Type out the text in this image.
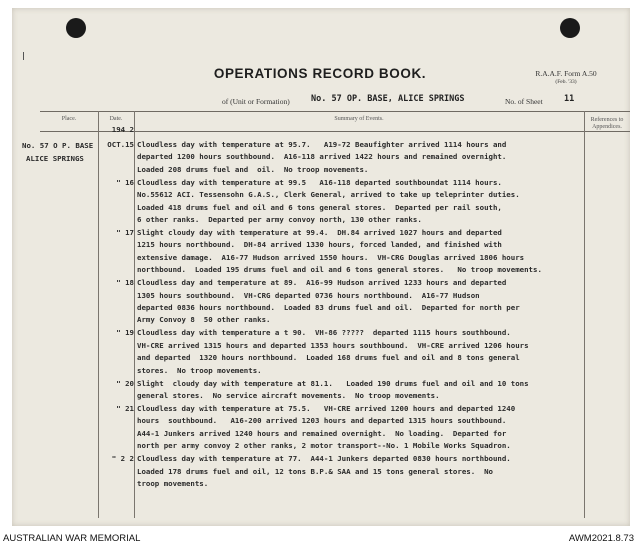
OPERATIONS RECORD BOOK.	R.A.A.F. Form A.50
(Feb. '33)
of (Unit or Formation)	No. 57 OP. BASE, ALICE SPRINGS	No. of Sheet	11
Place.	Date.	Summary of Events.	References to Appendices.
194 2
No. 57 O P. BASE
ALICE SPRINGS
OCT.15 Cloudless day with temperature at 95.7.   A19-72 Beaufighter arrived 1114 hours and
departed 1200 hours southbound.  A16-118 arrived 1422 hours and remained overnight.
Loaded 208 drums fuel and  oil.  No troop movements.
" 16 Cloudless day with temperature at 99.5   A16-118 departed southboundat 1114 hours.
No.55612 ACI. Tessensohn G.A.S., Clerk General, arrived to take up teleprinter duties.
Loaded 418 drums fuel and oil and 6 tons general stores.  Departed per rail south,
6 other ranks.  Departed per army convoy north, 130 other ranks.
" 17 Slight cloudy day with temperature at 99.4.  DH.84 arrived 1027 hours and departed
1215 hours northbound.  DH-84 arrived 1330 hours, forced landed, and finished with
extensive damage.  A16-77 Hudson arrived 1550 hours.  VH-CRG Douglas arrived 1806 hours
northbound.  Loaded 195 drums fuel and oil and 6 tons general stores.   No troop movements.
" 18 Cloudless day and temperature at 89.  A16-99 Hudson arrived 1233 hours and departed
1305 hours southbound.  VH-CRG departed 0736 hours northbound.  A16-77 Hudson
departed 0836 hours northbound.  Loaded 83 drums fuel and oil.  Departed for north per
Army Convoy 8  50 other ranks.
" 19 Cloudless day with temperature a t 90.  VH-86 ?????  departed 1115 hours southbound.
VH-CRE arrived 1315 hours and departed 1353 hours southbound.  VH-CRE arrived 1206 hours
and departed  1320 hours northbound.  Loaded 168 drums fuel and oil and 8 tons general
stores.  No troop movements.
" 20 Slight  cloudy day with temperature at 81.1.   Loaded 190 drums fuel and oil and 10 tons
general stores.  No service aircraft movements.  No troop movements.
" 21 Cloudless day with temperature at 75.5.   VH-CRE arrived 1200 hours and departed 1240
hours  southbound.   A16-200 arrived 1203 hours and departed 1315 hours southbound.
A44-1 Junkers arrived 1240 hours and remained overnight.  No loading.  Departed for
north per army convoy 2 other ranks, 2 motor transport--No. 1 Mobile Works Squadron.
" 2 2 Cloudless day with temperature at 77.  A44-1 Junkers departed 0830 hours northbound.
Loaded 178 drums fuel and oil, 12 tons B.P.& SAA and 15 tons general stores.  No
troop movements.
AUSTRALIAN WAR MEMORIAL	AWM2021.8.73
